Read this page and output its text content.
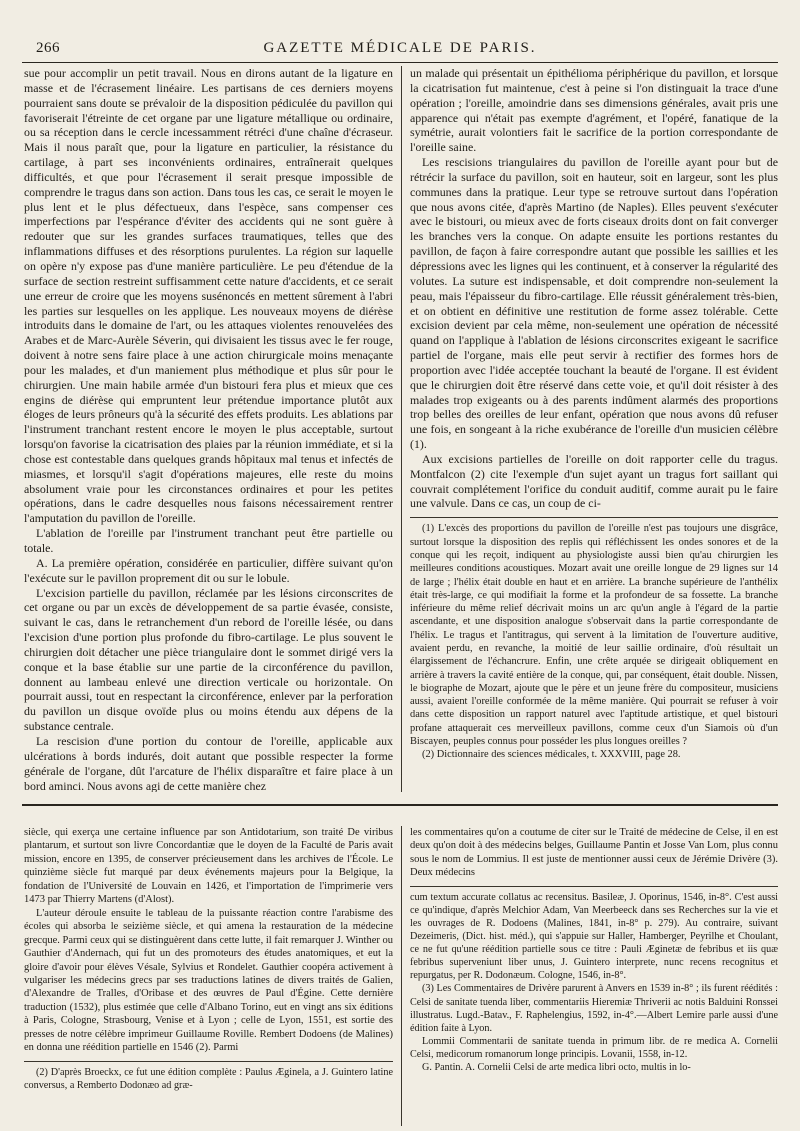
266	GAZETTE MÉDICALE DE PARIS.

sue pour accomplir un petit travail. Nous en dirons autant de la ligature en masse et de l'écrasement linéaire. Les partisans de ces derniers moyens pourraient sans doute se prévaloir de la disposition pédiculée du pavillon qui favoriserait l'étreinte de cet organe par une ligature métallique ou ordinaire, ou sa réception dans le cercle incessamment rétréci d'une chaîne d'écraseur. Mais il nous paraît que, pour la ligature en particulier, la résistance du cartilage, à part ses inconvénients ordinaires, entraînerait quelques difficultés, et que pour l'écrasement il serait presque impossible de comprendre le tragus dans son action. Dans tous les cas, ce serait le moyen le plus lent et le plus défectueux, dans l'espèce, sans compenser ces imperfections par l'espérance d'éviter des accidents qui ne sont guère à redouter que sur les grandes surfaces traumatiques, telles que des inflammations diffuses et des résorptions purulentes. La région sur laquelle on opère n'y expose pas d'une manière particulière. Le peu d'étendue de la surface de section restreint suffisamment cette nature d'accidents, et ce serait une erreur de croire que les moyens susénoncés en mettent sûrement à l'abri les parties sur lesquelles on les applique. Les nouveaux moyens de diérèse introduits dans le domaine de l'art, ou les attaques violentes renouvelées des Arabes et de Marc-Aurèle Séverin, qui divisaient les tissus avec le fer rouge, doivent à notre sens faire place à une action chirurgicale moins menaçante pour les malades, et d'un maniement plus méthodique et plus sûr pour le chirurgien. Une main habile armée d'un bistouri fera plus et mieux que ces engins de diérèse qui empruntent leur prétendue importance plutôt aux éloges de leurs prôneurs qu'à la sécurité des effets produits. Les ablations par l'instrument tranchant restent encore le moyen le plus acceptable, surtout lorsqu'on favorise la cicatrisation des plaies par la réunion immédiate, et si la chose est contestable dans quelques grands hôpitaux mal tenus et infectés de miasmes, et lorsqu'il s'agit d'opérations majeures, elle reste du moins absolument vraie pour les circonstances ordinaires et pour les petites opérations, dans le cadre desquelles nous faisons nécessairement rentrer l'amputation du pavillon de l'oreille.

L'ablation de l'oreille par l'instrument tranchant peut être partielle ou totale.

A. La première opération, considérée en particulier, diffère suivant qu'on l'exécute sur le pavillon proprement dit ou sur le lobule.

L'excision partielle du pavillon, réclamée par les lésions circonscrites de cet organe ou par un excès de développement de sa partie évasée, consiste, suivant le cas, dans le retranchement d'un rebord de l'oreille lésée, ou dans l'excision d'une portion plus profonde du fibro-cartilage. Le plus souvent le chirurgien doit détacher une pièce triangulaire dont le sommet dirigé vers la conque et la base établie sur une partie de la circonférence du pavillon, donnent au lambeau enlevé une direction verticale ou horizontale. On pourrait aussi, tout en respectant la circonférence, enlever par la perforation du pavillon un disque ovoïde plus ou moins étendu aux dépens de la substance centrale.

La rescision d'une portion du contour de l'oreille, applicable aux ulcérations à bords indurés, doit autant que possible respecter la forme générale de l'organe, dût l'arcature de l'hélix disparaître et faire place à un bord aminci. Nous avons agi de cette manière chez

un malade qui présentait un épithélioma périphérique du pavillon, et lorsque la cicatrisation fut maintenue, c'est à peine si l'on distinguait la trace d'une opération ; l'oreille, amoindrie dans ses dimensions générales, avait pris une apparence qui n'était pas exempte d'agrément, et l'opéré, fanatique de la symétrie, aurait volontiers fait le sacrifice de la portion correspondante de l'oreille saine.

Les rescisions triangulaires du pavillon de l'oreille ayant pour but de rétrécir la surface du pavillon, soit en hauteur, soit en largeur, sont les plus communes dans la pratique. Leur type se retrouve surtout dans l'opération que nous avons citée, d'après Martino (de Naples). Elles peuvent s'exécuter avec le bistouri, ou mieux avec de forts ciseaux droits dont on fait converger les branches vers la conque. On adapte ensuite les portions restantes du pavillon, de façon à faire correspondre autant que possible les saillies et les dépressions avec les lignes qui les continuent, et à conserver la régularité des volutes. La suture est indispensable, et doit comprendre non-seulement la peau, mais l'épaisseur du fibro-cartilage. Elle réussit généralement très-bien, et on obtient en définitive une restitution de forme assez tolérable. Cette excision devient par cela même, non-seulement une opération de nécessité quand on l'applique à l'ablation de lésions circonscrites exigeant le sacrifice partiel de l'organe, mais elle peut servir à rectifier des formes hors de proportion avec l'idée acceptée touchant la beauté de l'organe. Il est évident que le chirurgien doit être réservé dans cette voie, et qu'il doit résister à des malades trop exigeants ou à des parents indûment alarmés des proportions trop belles des oreilles de leur enfant, opération que nous avons dû refuser une fois, en songeant à la riche exubérance de l'oreille d'un musicien célèbre (1).

Aux excisions partielles de l'oreille on doit rapporter celle du tragus. Montfalcon (2) cite l'exemple d'un sujet ayant un tragus fort saillant qui couvrait complétement l'orifice du conduit auditif, comme aurait pu le faire une valvule. Dans ce cas, un coup de ci-

(1) L'excès des proportions du pavillon de l'oreille n'est pas toujours une disgrâce, surtout lorsque la disposition des replis qui réfléchissent les ondes sonores et de la conque qui les reçoit, indiquent au physiologiste aussi bien qu'au chirurgien les meilleures conditions acoustiques. Mozart avait une oreille longue de 29 lignes sur 14 de large ; l'hélix était double en haut et en arrière. La branche supérieure de l'anthélix était très-large, ce qui modifiait la forme et la profondeur de sa fossette. La branche inférieure du même relief décrivait moins un arc qu'un angle à l'égard de la partie ascendante, et une disposition analogue s'observait dans la partie correspondante de l'hélix. Le tragus et l'antitragus, qui servent à la limitation de l'ouverture auditive, avaient perdu, en revanche, la moitié de leur saillie ordinaire, d'où résultait un élargissement de l'échancrure. Enfin, une crête arquée se dirigeait obliquement en arrière à travers la cavité entière de la conque, qui, par conséquent, était double. Nissen, le biographe de Mozart, ajoute que le père et un jeune frère du compositeur, musiciens aussi, avaient l'oreille conformée de la même manière. Qui pourrait se refuser à voir dans cette disposition un rapport naturel avec l'aptitude artistique, et quel bistouri profane attaquerait ces merveilleux pavillons, comme ceux d'un Siamois où d'un Biscayen, peuples connus pour posséder les plus longues oreilles ?

(2) Dictionnaire des sciences médicales, t. XXXVIII, page 28.

siècle, qui exerça une certaine influence par son Antidotarium, son traité De viribus plantarum, et surtout son livre Concordantiæ que le doyen de la Faculté de Paris avait mission, encore en 1395, de conserver précieusement dans les archives de l'École. Le quinzième siècle fut marqué par deux événements majeurs pour la Belgique, la fondation de l'Université de Louvain en 1426, et l'importation de l'imprimerie vers 1473 par Thierry Martens (d'Alost).

L'auteur déroule ensuite le tableau de la puissante réaction contre l'arabisme des écoles qui absorba le seizième siècle, et qui amena la restauration de la médecine grecque. Parmi ceux qui se distinguèrent dans cette lutte, il fait remarquer J. Winther ou Gauthier d'Andernach, qui fut un des promoteurs des études anatomiques, et eut la gloire d'avoir pour élèves Vésale, Sylvius et Rondelet. Gauthier coopéra activement à vulgariser les médecins grecs par ses traductions latines de divers traités de Galien, d'Alexandre de Tralles, d'Oribase et des œuvres de Paul d'Égine. Cette dernière traduction (1532), plus estimée que celle d'Albano Torino, eut en vingt ans six éditions à Paris, Cologne, Strasbourg, Venise et à Lyon ; celle de Lyon, 1551, est sortie des presses de notre célèbre imprimeur Guillaume Roville. Rembert Dodoens (de Malines) en donna une réédition partielle en 1546 (2). Parmi

(2) D'après Broeckx, ce fut une édition complète : Paulus Æginela, a J. Guintero latine conversus, a Remberto Dodonæo ad græ-

les commentaires qu'on a coutume de citer sur le Traité de médecine de Celse, il en est deux qu'on doit à des médecins belges, Guillaume Pantin et Josse Van Lom, plus connu sous le nom de Lommius. Il est juste de mentionner aussi ceux de Jérémie Drivère (3). Deux médecins

cum textum accurate collatus ac recensitus. Basileæ, J. Oporinus, 1546, in-8°. C'est aussi ce qu'indique, d'après Melchior Adam, Van Meerbeeck dans ses Recherches sur la vie et les ouvrages de R. Dodoens (Malines, 1841, in-8° p. 279). Au contraire, suivant Dezeimeris, (Dict. hist. méd.), qui s'appuie sur Haller, Hamberger, Peyrilhe et Choulant, ce ne fut qu'une réédition partielle sous ce titre : Pauli Æginetæ de febribus et iis quæ febribus superveniunt liber unus, J. Guintero interprete, nunc recens recognitus et repurgatus, per R. Dodonæum. Cologne, 1546, in-8°.

(3) Les Commentaires de Drivère parurent à Anvers en 1539 in-8° ; ils furent réédités : Celsi de sanitate tuenda liber, commentariis Hieremiæ Thriverii ac notis Balduini Ronssei illustratus. Lugd.-Batav., F. Raphelengius, 1592, in-4°.—Albert Lemire parle aussi d'une édition faite à Lyon.

Lommii Commentarii de sanitate tuenda in primum libr. de re medica A. Cornelii Celsi, medicorum romanorum longe principis. Lovanii, 1558, in-12.

G. Pantin. A. Cornelii Celsi de arte medica libri octo, multis in lo-
